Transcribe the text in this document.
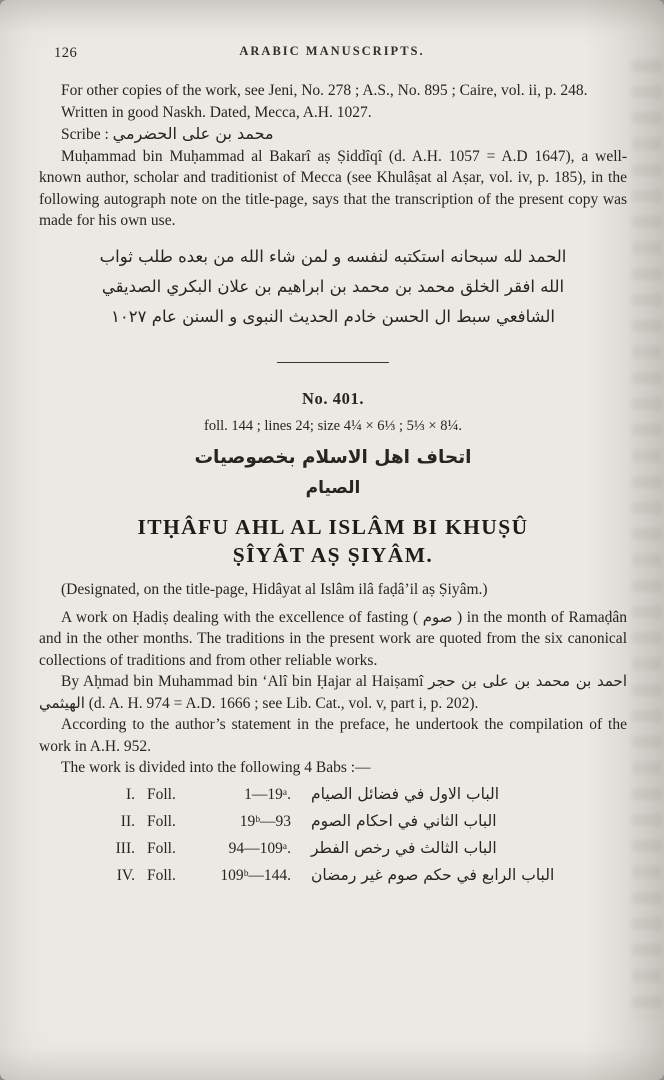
126	ARABIC MANUSCRIPTS.

For other copies of the work, see Jeni, No. 278 ; A.S., No. 895 ; Caire, vol. ii, p. 248.

Written in good Naskh. Dated, Mecca, A.H. 1027.

Scribe : محمد بن على الحضرمي

Muḥammad bin Muḥammad al Bakarî aṣ Ṣiddîqî (d. A.H. 1057 = A.D 1647), a well-known author, scholar and traditionist of Mecca (see Khulâṣat al Aṣar, vol. iv, p. 185), in the following autograph note on the title-page, says that the transcription of the present copy was made for his own use.

الحمد لله سبحانه استكتبه لنفسه و لمن شاء الله من بعده طلب ثواب

الله افقر الخلق محمد بن محمد بن ابراهيم بن علان البكري الصديقي

الشافعي سبط ال الحسن خادم الحديث النبوى و السنن عام ١٠٢٧

No. 401.

foll. 144 ; lines 24; size 4¼ × 6⅓ ; 5⅓ × 8¼.

اتحاف اهل الاسلام بخصوصيات

الصيام

ITḤÂFU AHL AL ISLÂM BI KHUṢÛ
ṢÎYÂT AṢ ṢIYÂM.

(Designated, on the title-page, Hidâyat al Islâm ilâ faḍâ’il aṣ Ṣiyâm.)

A work on Ḥadiṣ dealing with the excellence of fasting ( صوم ) in the month of Ramaḍân and in the other months. The traditions in the present work are quoted from the six canonical collections of traditions and from other reliable works.

By Aḥmad bin Muhammad bin ‘Alî bin Ḥajar al Haiṣamî احمد بن محمد بن على بن حجر الهيثمي (d. A. H. 974 = A.D. 1666 ; see Lib. Cat., vol. v, part i, p. 202).

According to the author’s statement in the preface, he undertook the compilation of the work in A.H. 952.

The work is divided into the following 4 Babs :—

I. Foll.	1—19ᵃ.	الباب الاول في فضائل الصيام
II. Foll.	19ᵇ—93	الباب الثاني في احكام الصوم
III. Foll.	94—109ᵃ.	الباب الثالث في رخص الفطر
IV. Foll.	109ᵇ—144.	الباب الرابع في حكم صوم غير رمضان
